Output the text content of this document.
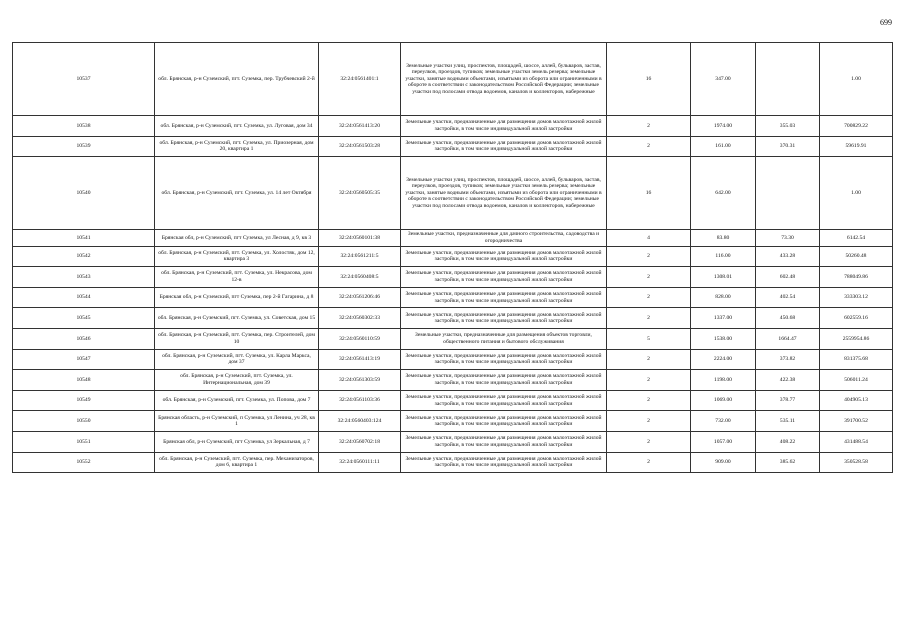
699
10537	обл. Брянская, р-н Суземский, пгт. Суземка, пер. Трубчевский 2-й	32:24:0561401:1	Земельные участки улиц, проспектов, площадей, шоссе, аллей, бульваров, застав, переулков, проездов, тупиков; земельные участки земель резерва; земельные участки, занятые водными объектами, изъятыми из оборота или ограниченными в обороте в соответствии с законодательством Российской Федерации; земельные участки под полосами отвода водоемов, каналов и коллекторов, набережные	16	347.00		1.00
10538	обл. Брянская, р-н Суземский, пгт. Суземка, ул. Луговая, дом 34	32:24:0561413:20	Земельные участки, предназначенные для размещения домов малоэтажной жилой застройки, в том числе индивидуальной жилой застройки	2	1974.00	355.03	700829.22
10539	обл. Брянская, р-н Суземский, пгт. Суземка, ул. Приозерная, дом 20, квартира 1	32:24:0561503:28	Земельные участки, предназначенные для размещения домов малоэтажной жилой застройки, в том числе индивидуальной жилой застройки	2	161.00	370.31	59619.91
10540	обл. Брянская, р-н Суземский, пгт. Суземка, ул. 14 лет Октября	32:24:0560505:35	Земельные участки улиц, проспектов, площадей, шоссе, аллей, бульваров, застав, переулков, проездов, тупиков; земельные участки земель резерва; земельные участки, занятые водными объектами, изъятыми из оборота или ограниченными в обороте в соответствии с законодательством Российской Федерации; земельные участки под полосами отвода водоемов, каналов и коллекторов, набережные	16	642.00		1.00
10541	Брянская обл, р-н Суземский, пгт Суземка, ул Лесная, д 9, кв 3	32:24:0560101:38	Земельные участки, предназначенные для дачного строительства, садоводства и огородничества	4	83.80	73.30	6142.54
10542	обл. Брянская, р-н Суземский, пгт. Суземка, ул. Холостяк, дом 12, квартира 3	32:24:0561211:5	Земельные участки, предназначенные для размещения домов малоэтажной жилой застройки, в том числе индивидуальной жилой застройки	2	116.00	433.28	50260.48
10543	обл. Брянская, р-н Суземский, пгт. Суземка, ул. Некрасова, дом 12-в	32:24:0560408:5	Земельные участки, предназначенные для размещения домов малоэтажной жилой застройки, в том числе индивидуальной жилой застройки	2	1308.01	602.48	788049.86
10544	Брянская обл, р-н Суземский, пгт Суземка, пер 2-й Гагарина, д 8	32:24:0561206:46	Земельные участки, предназначенные для размещения домов малоэтажной жилой застройки, в том числе индивидуальной жилой застройки	2	828.00	402.54	333303.12
10545	обл. Брянская, р-н Суземский, пгт. Суземка, ул. Советская, дом 15	32:24:0560302:33	Земельные участки, предназначенные для размещения домов малоэтажной жилой застройки, в том числе индивидуальной жилой застройки	2	1337.00	450.68	602559.16
10546	обл. Брянская, р-н Суземский, пгт. Суземка, пер. Строителей, дом 10	32:24:0560110:59	Земельные участки, предназначенные для размещения объектов торговли, общественного питания и бытового обслуживания	5	1538.00	1664.47	2559954.86
10547	обл. Брянская, р-н Суземский, пгт. Суземка, ул. Карла Маркса, дом 37	32:24:0561413:19	Земельные участки, предназначенные для размещения домов малоэтажной жилой застройки, в том числе индивидуальной жилой застройки	2	2224.00	373.82	831375.68
10548	обл. Брянская, р-н Суземский, пгт. Суземка, ул. Интернациональная, дом 39	32:24:0561303:59	Земельные участки, предназначенные для размещения домов малоэтажной жилой застройки, в том числе индивидуальной жилой застройки	2	1198.00	422.38	506011.24
10549	обл. Брянская, р-н Суземский, пгт. Суземка, ул. Попова, дом 7	32:24:0561103:36	Земельные участки, предназначенные для размещения домов малоэтажной жилой застройки, в том числе индивидуальной жилой застройки	2	1069.00	378.77	404905.13
10550	Брянская область, р-н Суземский, п Суземка, ул Ленина, уч 28, кв 1	32:24:0560403:124	Земельные участки, предназначенные для размещения домов малоэтажной жилой застройки, в том числе индивидуальной жилой застройки	2	732.00	535.11	391700.52
10551	Брянская обл, р-н Суземский, пгт Суземка, ул Зеркальная, д 7	32:24:0560702:18	Земельные участки, предназначенные для размещения домов малоэтажной жилой застройки, в том числе индивидуальной жилой застройки	2	1057.00	408.22	431488.54
10552	обл. Брянская, р-н Суземский, пгт. Суземка, пер. Механизаторов, дом 6, квартира 1	32:24:0560111:11	Земельные участки, предназначенные для размещения домов малоэтажной жилой застройки, в том числе индивидуальной жилой застройки	2	909.00	385.62	350528.58
